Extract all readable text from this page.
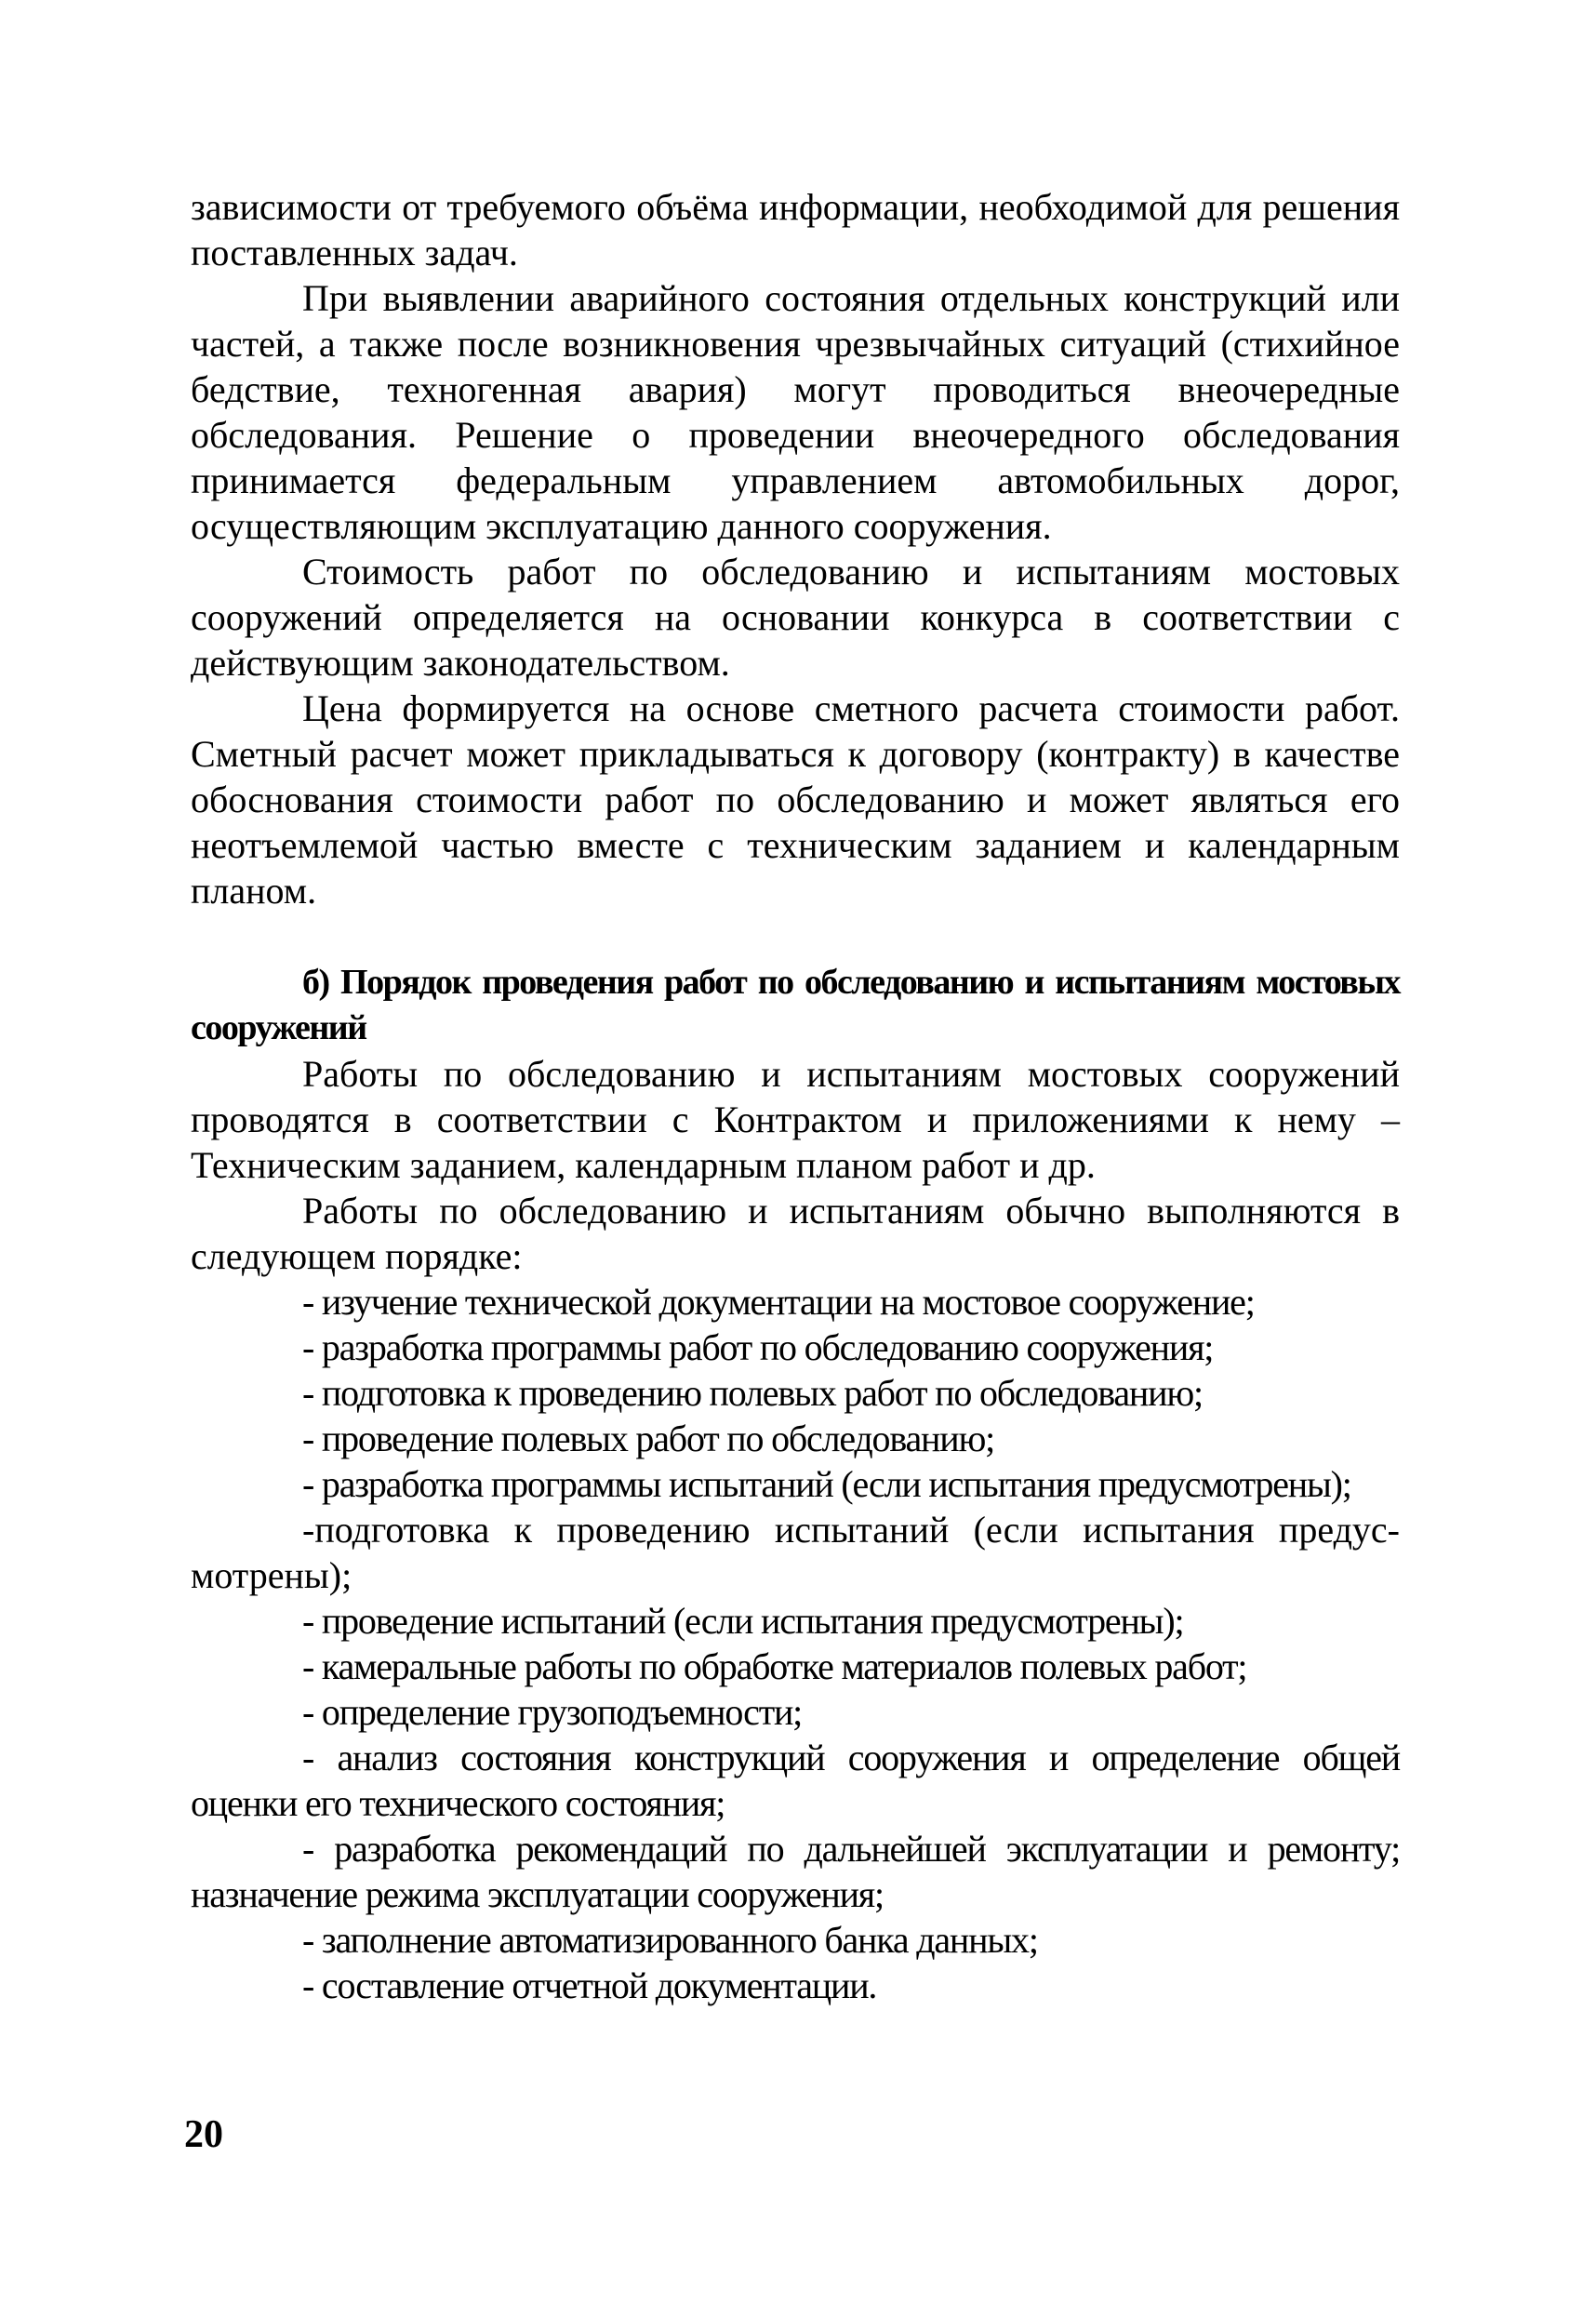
зависимости от требуемого объёма информации, необходимой для решения поставленных задач.

При выявлении аварийного состояния отдельных конструкций или частей, а также после возникновения чрезвычайных ситуаций (стихийное бедствие, техногенная авария) могут проводиться внеочередные обследования. Решение о проведении внеочередного обследования принимается федеральным управлением автомобильных дорог, осуществляющим эксплуатацию данного сооружения.

Стоимость работ по обследованию и испытаниям мостовых сооружений определяется на основании конкурса в соответствии с действующим законодательством.

Цена формируется на основе сметного расчета стоимости работ. Сметный расчет может прикладываться к договору (контракту) в качестве обоснования стоимости работ по обследованию и может являться его неотъемлемой частью вместе с техническим заданием и календарным планом.

б) Порядок проведения работ по обследованию и испытаниям мостовых сооружений

Работы по обследованию и испытаниям мостовых сооружений проводятся в соответствии с Контрактом и приложениями к нему – Техническим заданием, календарным планом работ и др.

Работы по обследованию и испытаниям обычно выполняются в следующем порядке:

- изучение технической документации на мостовое сооружение;
- разработка программы работ по обследованию сооружения;
- подготовка к проведению полевых работ по обследованию;
- проведение полевых работ по обследованию;
- разработка программы испытаний (если испытания предусмотрены);
-подготовка к проведению испытаний (если испытания предус-мотрены);
- проведение испытаний (если испытания предусмотрены);
- камеральные работы по обработке материалов полевых работ;
- определение грузоподъемности;
- анализ состояния конструкций сооружения и определение общей оценки его технического состояния;
- разработка рекомендаций по дальнейшей эксплуатации и ремонту; назначение режима эксплуатации сооружения;
- заполнение автоматизированного банка данных;
- составление отчетной документации.
20
